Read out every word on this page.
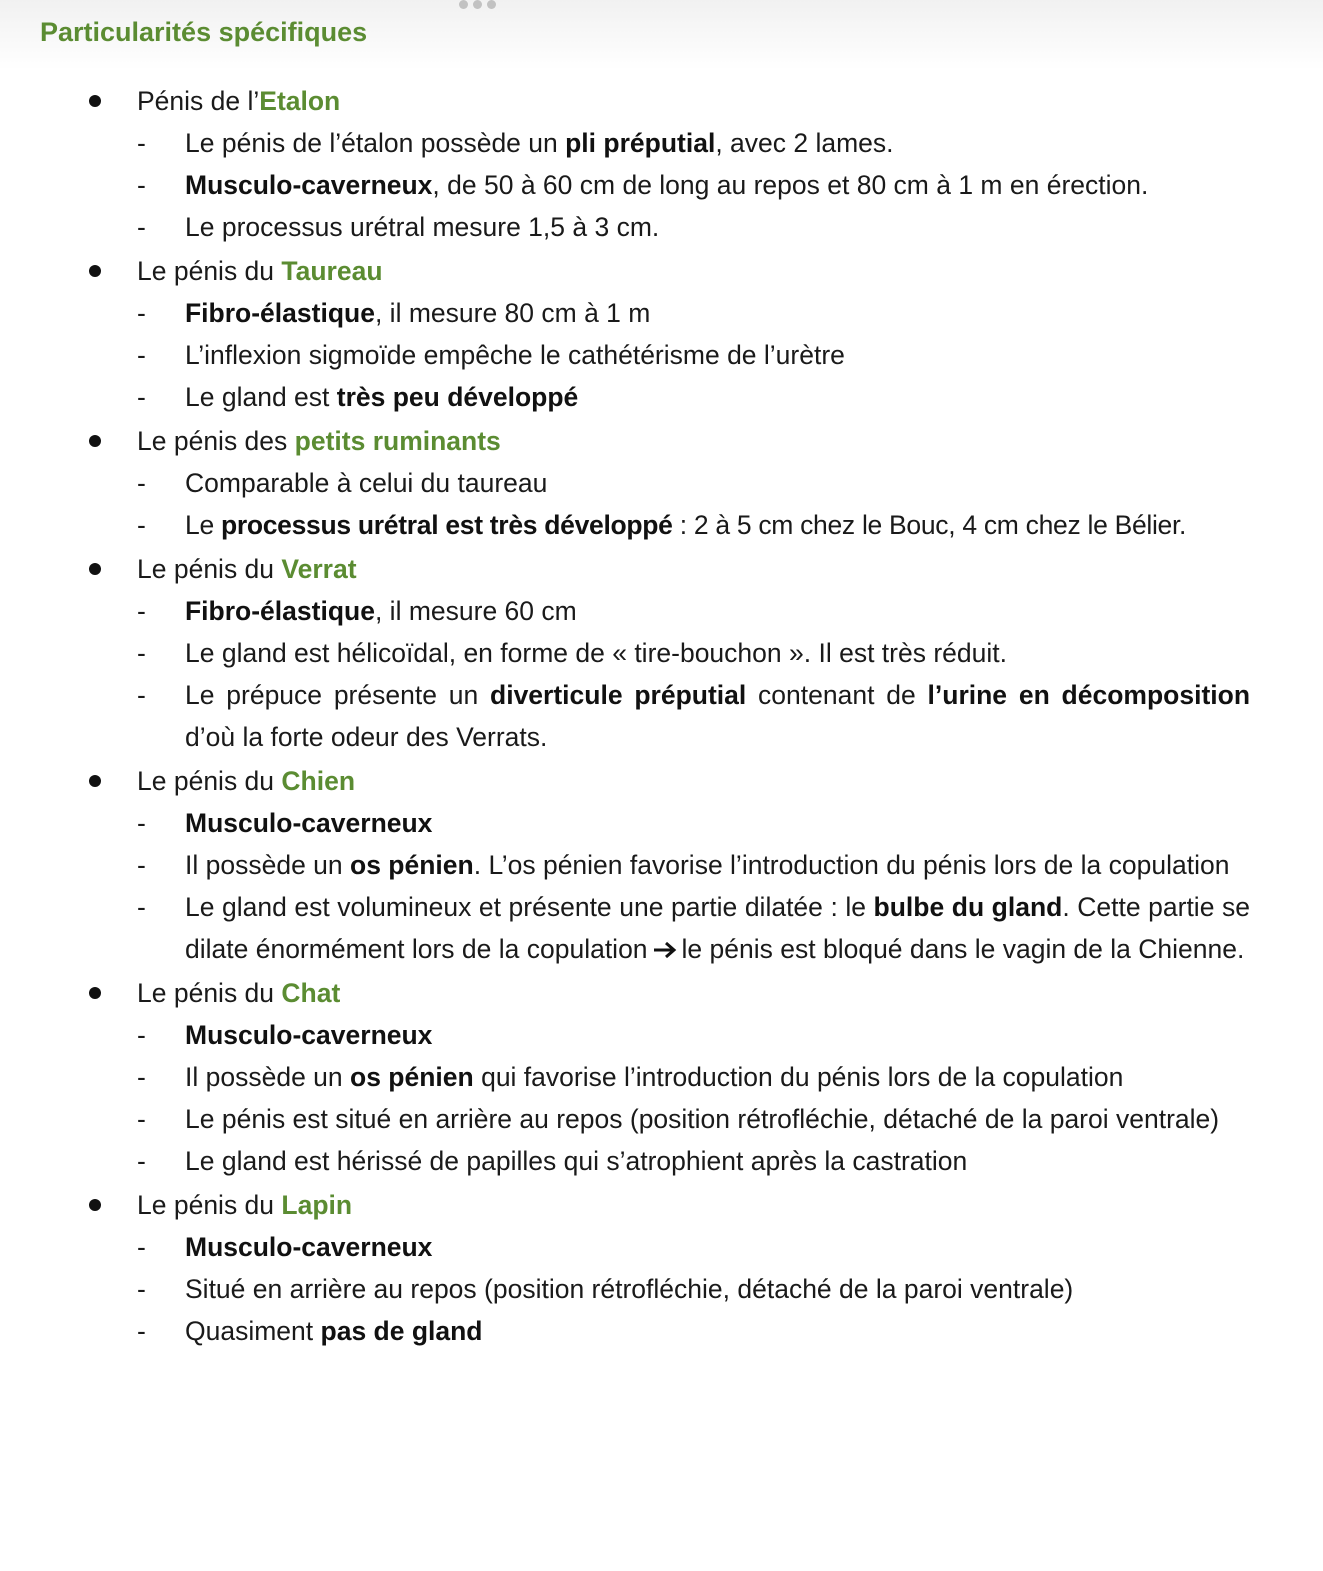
Particularités spécifiques
Pénis de l’Etalon
- Le pénis de l’étalon possède un pli préputial, avec 2 lames.
- Musculo-caverneux, de 50 à 60 cm de long au repos et 80 cm à 1 m en érection.
- Le processus urétral mesure 1,5 à 3 cm.
Le pénis du Taureau
- Fibro-élastique, il mesure 80 cm à 1 m
- L’inflexion sigmoïde empêche le cathétérisme de l’urètre
- Le gland est très peu développé
Le pénis des petits ruminants
- Comparable à celui du taureau
- Le processus urétral est très développé : 2 à 5 cm chez le Bouc, 4 cm chez le Bélier.
Le pénis du Verrat
- Fibro-élastique, il mesure 60 cm
- Le gland est hélicoïdal, en forme de « tire-bouchon ». Il est très réduit.
- Le prépuce présente un diverticule préputial contenant de l’urine en décomposition d’où la forte odeur des Verrats.
Le pénis du Chien
- Musculo-caverneux
- Il possède un os pénien. L’os pénien favorise l’introduction du pénis lors de la copulation
- Le gland est volumineux et présente une partie dilatée : le bulbe du gland. Cette partie se dilate énormément lors de la copulation le pénis est bloqué dans le vagin de la Chienne.
Le pénis du Chat
- Musculo-caverneux
- Il possède un os pénien qui favorise l’introduction du pénis lors de la copulation
- Le pénis est situé en arrière au repos (position rétrofléchie, détaché de la paroi ventrale)
- Le gland est hérissé de papilles qui s’atrophient après la castration
Le pénis du Lapin
- Musculo-caverneux
- Situé en arrière au repos (position rétrofléchie, détaché de la paroi ventrale)
- Quasiment pas de gland
